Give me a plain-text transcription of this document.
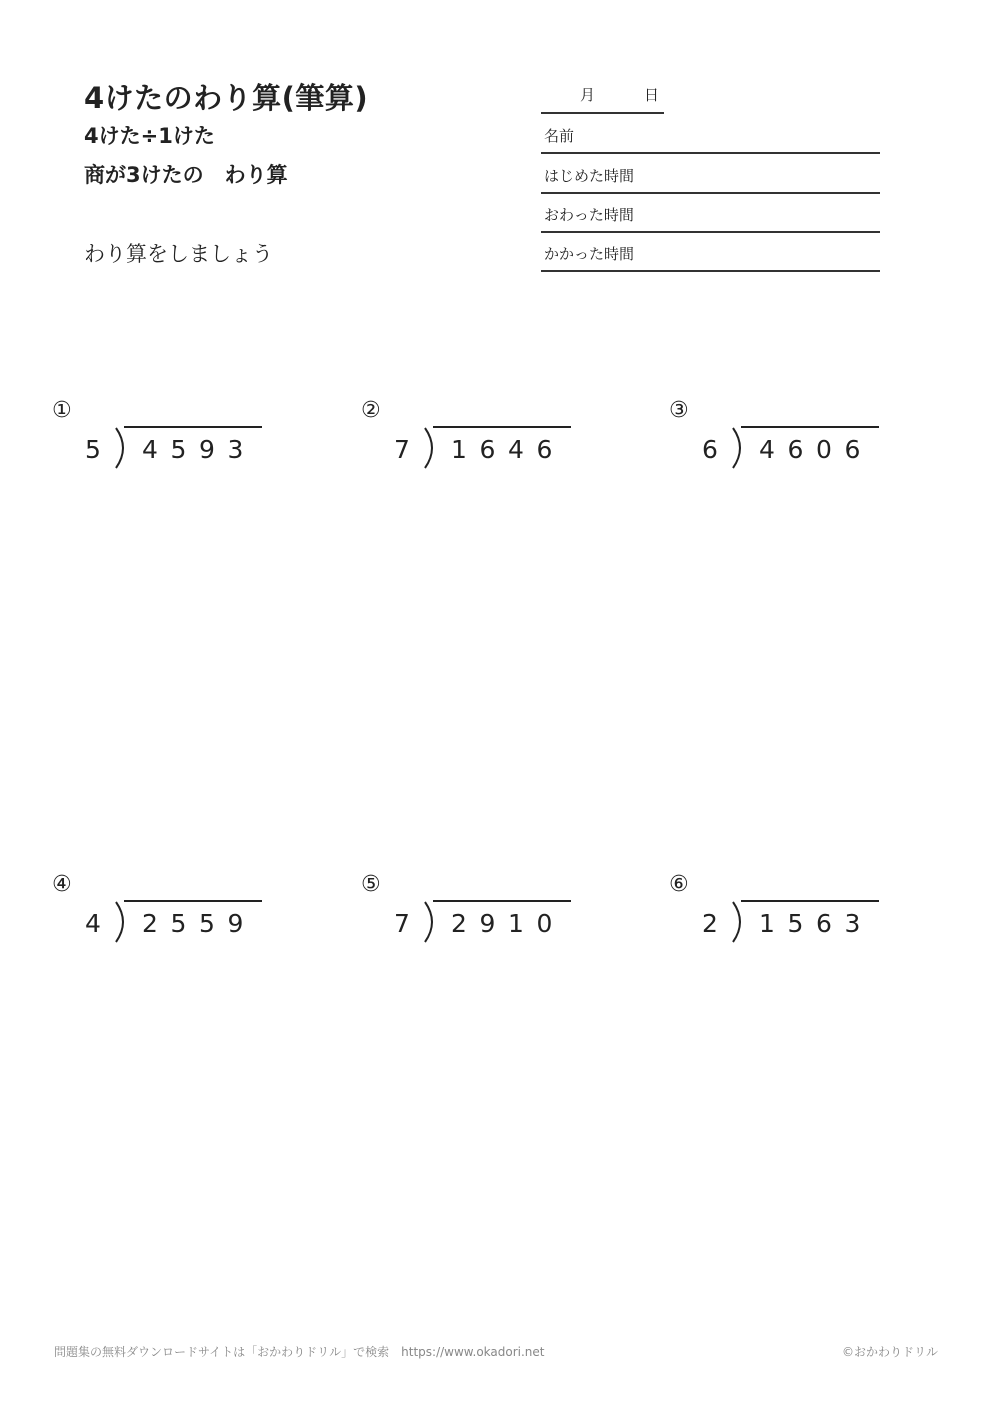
4けたのわり算(筆算)
4けた÷1けた
商が3けたの　わり算
わり算をしましょう
月	日
名前
はじめた時間
おわった時間
かかった時間
①
5 4593
②
7 1646
③
6 4606
④
4 2559
⑤
7 2910
⑥
2 1563
問題集の無料ダウンロードサイトは「おかわりドリル」で検索　https://www.okadori.net	©おかわりドリル
